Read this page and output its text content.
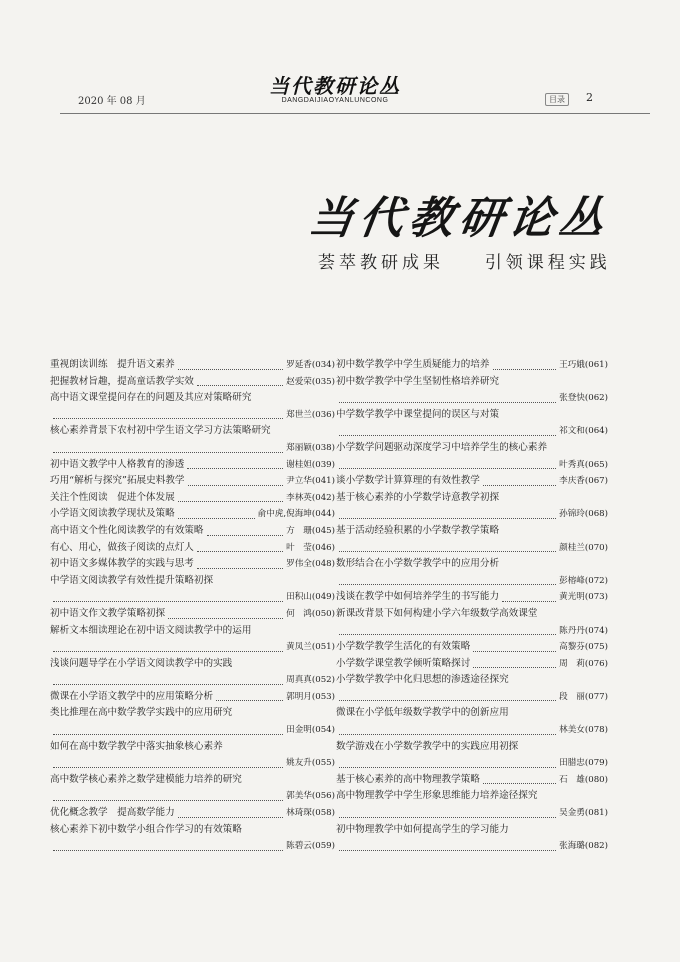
2020 年 08 月
当代教研论丛
DANGDAIJIAOYANLUNCONG	目录	2
当代教研论丛
荟萃教研成果 引领课程实践
重视朗读训练　提升语文素养	罗延香 (034)
把握教材旨趣，提高童话教学实效	赵爱荣 (035)
高中语文课堂提问存在的问题及其应对策略研究
郑世兰 (036)
核心素养背景下农村初中学生语文学习方法策略研究
郑丽颖 (038)
初中语文教学中人格教育的渗透	谢桂妲 (039)
巧用“解析与探究”拓展史料教学	尹立华 (041)
关注个性阅读　促进个体发展	李林英 (042)
小学语文阅读教学现状及策略	俞中虎,倪海坤 (044)
高中语文个性化阅读教学的有效策略	方　珊 (045)
有心、用心，做孩子阅读的点灯人	叶　莹 (046)
初中语文多媒体教学的实践与思考	罗伟全 (048)
中学语文阅读教学有效性提升策略初探
田积山 (049)
初中语文作文教学策略初探	何　鸿 (050)
解析文本细读理论在初中语文阅读教学中的运用
黄凤兰 (051)
浅谈问题导学在小学语文阅读教学中的实践
周真真 (052)
微课在小学语文教学中的应用策略分析	郭明月 (053)
类比推理在高中数学教学实践中的应用研究
田金明 (054)
如何在高中数学教学中落实抽象核心素养
姚友升 (055)
高中数学核心素养之数学建模能力培养的研究
郭美华 (056)
优化概念教学　提高数学能力	林琦琛 (058)
核心素养下初中数学小组合作学习的有效策略
陈碧云 (059)
初中数学教学中学生质疑能力的培养	王巧娥 (061)
初中数学教学中学生坚韧性格培养研究
张登快 (062)
中学数学教学中课堂提问的误区与对策
祁文和 (064)
小学数学问题驱动深度学习中培养学生的核心素养
叶秀真 (065)
谈小学数学计算算理的有效性教学	李庆香 (067)
基于核心素养的小学数学诗意教学初探
孙锦玲 (068)
基于活动经验积累的小学数学教学策略
颜桂兰 (070)
数形结合在小学数学教学中的应用分析
彭榕峰 (072)
浅谈在教学中如何培养学生的书写能力	黄光明 (073)
新课改背景下如何构建小学六年级数学高效课堂
陈丹丹 (074)
小学数学教学生活化的有效策略	高黎芬 (075)
小学数学课堂教学倾听策略探讨	周　莉 (076)
小学数学教学中化归思想的渗透途径探究
段　丽 (077)
微课在小学低年级数学教学中的创新应用
林美女 (078)
数学游戏在小学数学教学中的实践应用初探
田腊忠 (079)
基于核心素养的高中物理教学策略	石　雄 (080)
高中物理教学中学生形象思维能力培养途径探究
吴金勇 (081)
初中物理教学中如何提高学生的学习能力
张海璐 (082)
